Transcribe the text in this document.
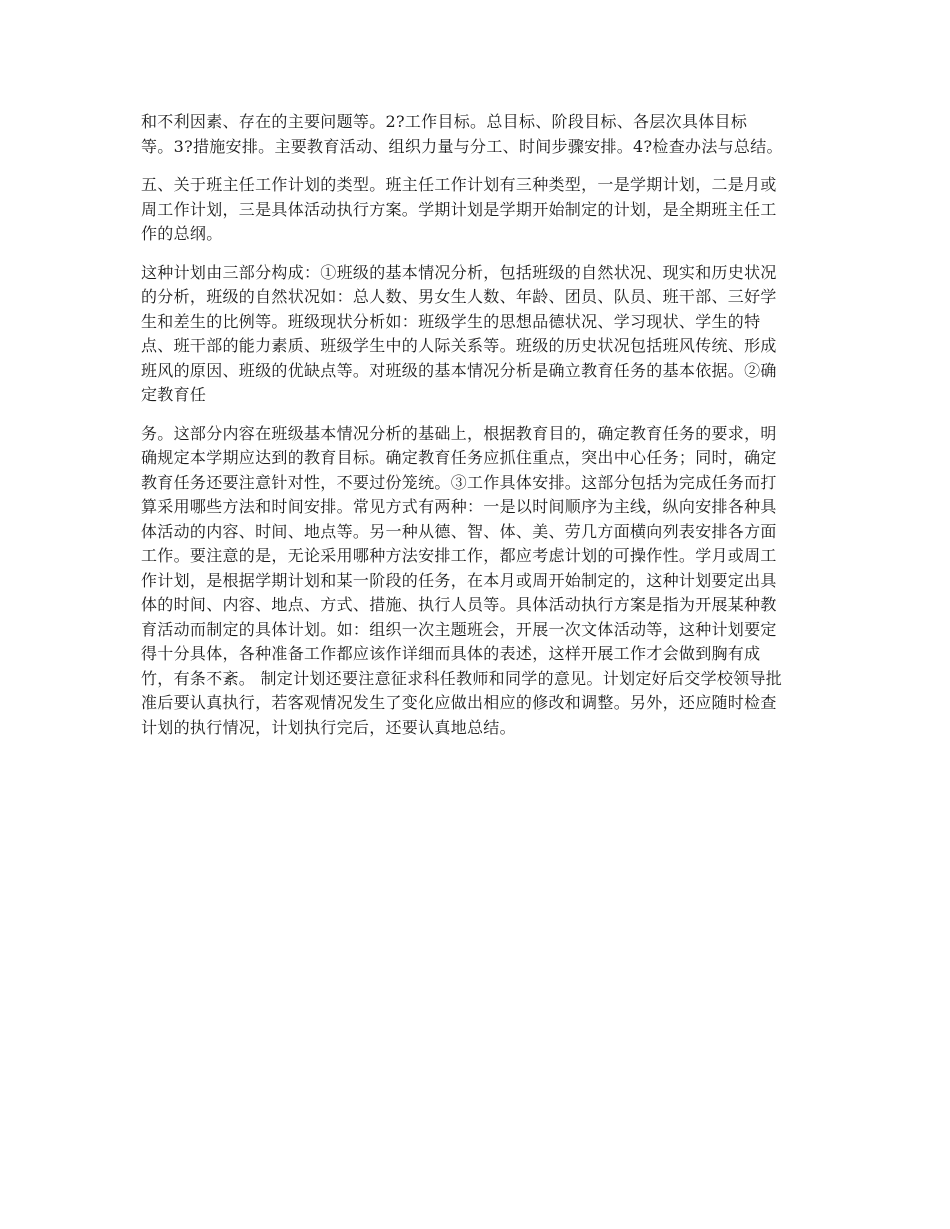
和不利因素、存在的主要问题等。2?工作目标。总目标、阶段目标、各层次具体目标
等。3?措施安排。主要教育活动、组织力量与分工、时间步骤安排。4?检查办法与总结。

五、关于班主任工作计划的类型。班主任工作计划有三种类型，一是学期计划，二是月或
周工作计划，三是具体活动执行方案。学期计划是学期开始制定的计划，是全期班主任工
作的总纲。

这种计划由三部分构成：①班级的基本情况分析，包括班级的自然状况、现实和历史状况
的分析，班级的自然状况如：总人数、男女生人数、年龄、团员、队员、班干部、三好学
生和差生的比例等。班级现状分析如：班级学生的思想品德状况、学习现状、学生的特
点、班干部的能力素质、班级学生中的人际关系等。班级的历史状况包括班风传统、形成
班风的原因、班级的优缺点等。对班级的基本情况分析是确立教育任务的基本依据。②确
定教育任

务。这部分内容在班级基本情况分析的基础上，根据教育目的，确定教育任务的要求，明
确规定本学期应达到的教育目标。确定教育任务应抓住重点，突出中心任务；同时，确定
教育任务还要注意针对性，不要过份笼统。③工作具体安排。这部分包括为完成任务而打
算采用哪些方法和时间安排。常见方式有两种：一是以时间顺序为主线，纵向安排各种具
体活动的内容、时间、地点等。另一种从德、智、体、美、劳几方面横向列表安排各方面
工作。要注意的是，无论采用哪种方法安排工作，都应考虑计划的可操作性。学月或周工
作计划，是根据学期计划和某一阶段的任务，在本月或周开始制定的，这种计划要定出具
体的时间、内容、地点、方式、措施、执行人员等。具体活动执行方案是指为开展某种教
育活动而制定的具体计划。如：组织一次主题班会，开展一次文体活动等，这种计划要定
得十分具体，各种准备工作都应该作详细而具体的表述，这样开展工作才会做到胸有成
竹，有条不紊。 制定计划还要注意征求科任教师和同学的意见。计划定好后交学校领导批
准后要认真执行，若客观情况发生了变化应做出相应的修改和调整。另外，还应随时检查
计划的执行情况，计划执行完后，还要认真地总结。
